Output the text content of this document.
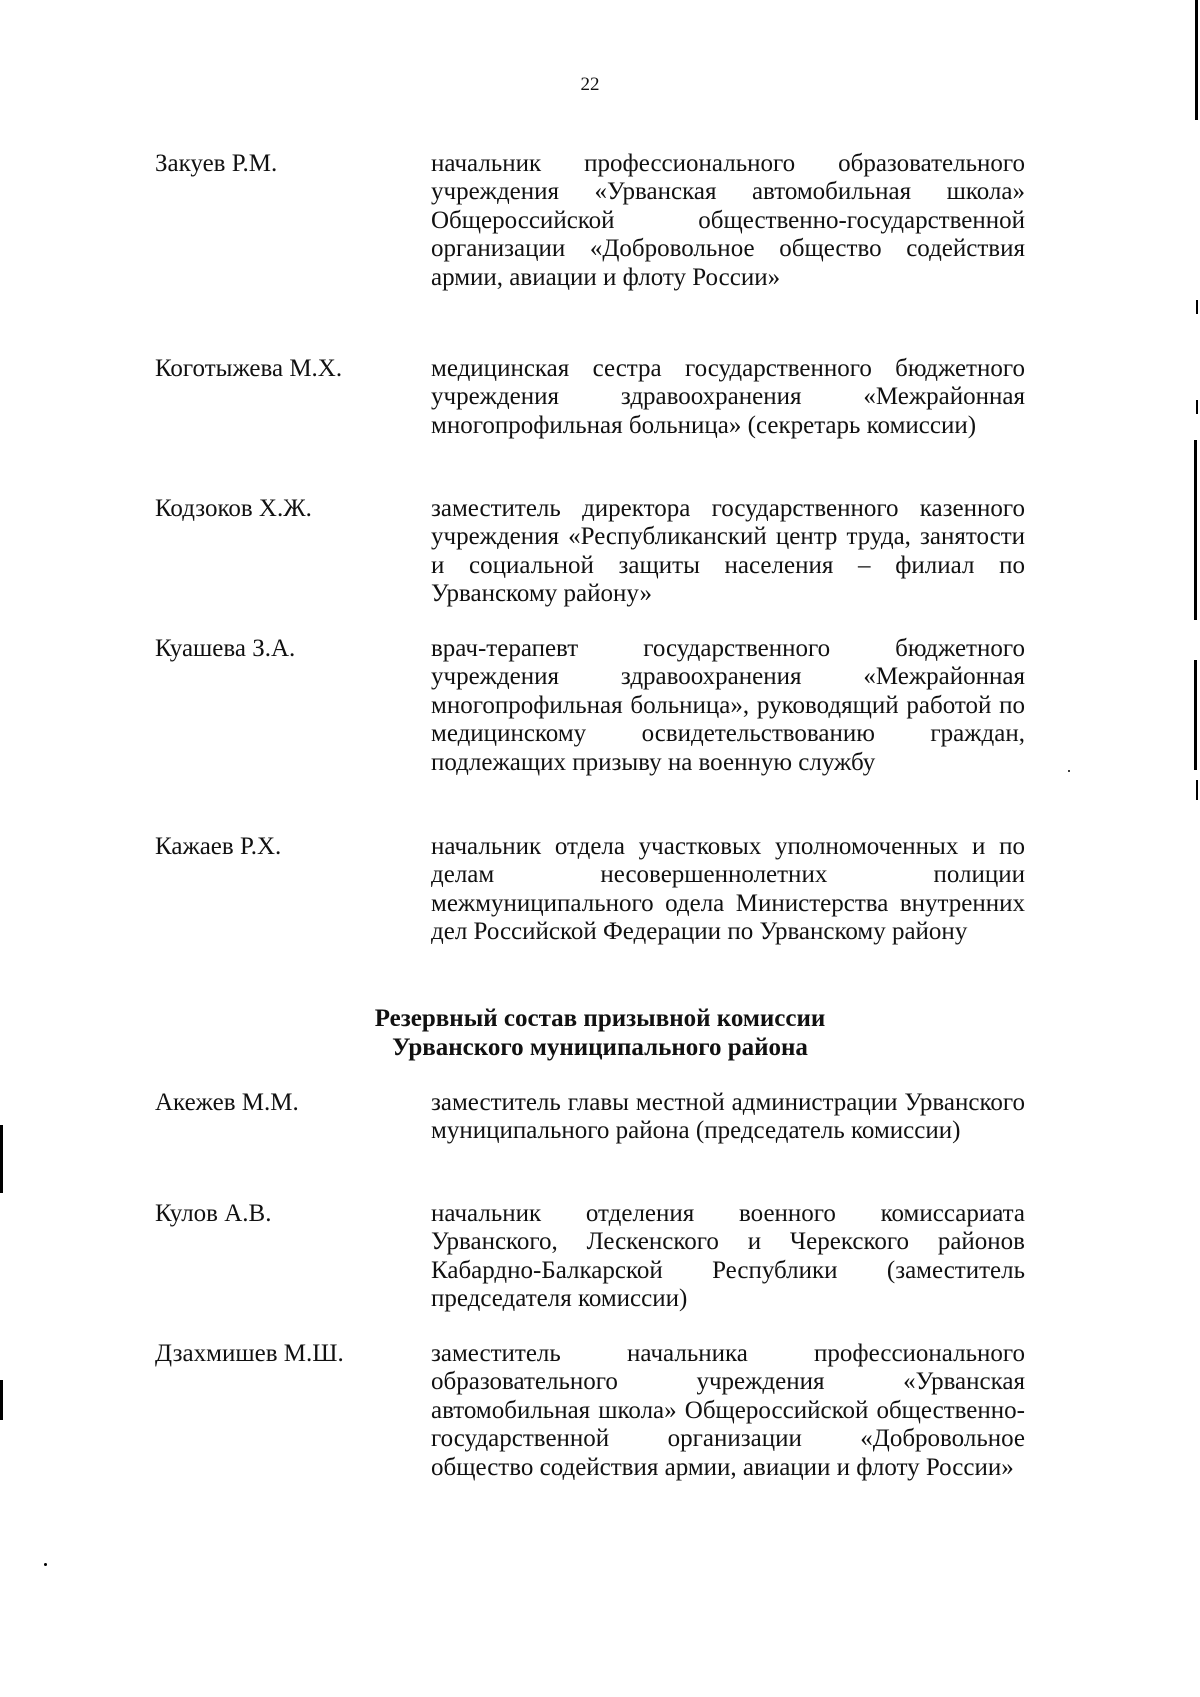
22
Закуев Р.М.	начальник профессионального образовательного учреждения «Урванская автомобильная школа» Общероссийской общественно-государственной организации «Добровольное общество содействия армии, авиации и флоту России»

Коготыжева М.Х.	медицинская сестра государственного бюджетного учреждения здравоохранения «Межрайонная многопрофильная больница» (секретарь комиссии)

Кодзоков Х.Ж.	заместитель директора государственного казенного учреждения «Республиканский центр труда, занятости и социальной защиты населения – филиал по Урванскому району»

Куашева З.А.	врач-терапевт государственного бюджетного учреждения здравоохранения «Межрайонная многопрофильная больница», руководящий работой по медицинскому освидетельствованию граждан, подлежащих призыву на военную службу

Кажаев Р.Х.	начальник отдела участковых уполномоченных и по делам несовершеннолетних полиции межмуниципального одела Министерства внутренних дел Российской Федерации по Урванскому району

Резервный состав призывной комиссии
Урванского муниципального района
Акежев М.М.	заместитель главы местной администрации Урванского муниципального района (председатель комиссии)

Кулов А.В.	начальник отделения военного комиссариата Урванского, Лескенского и Черекского районов Кабардно-Балкарской Республики (заместитель председателя комиссии)

Дзахмишев М.Ш.	заместитель начальника профессионального образовательного учреждения «Урванская автомобильная школа» Общероссийской общественно-государственной организации «Добровольное общество содействия армии, авиации и флоту России»
